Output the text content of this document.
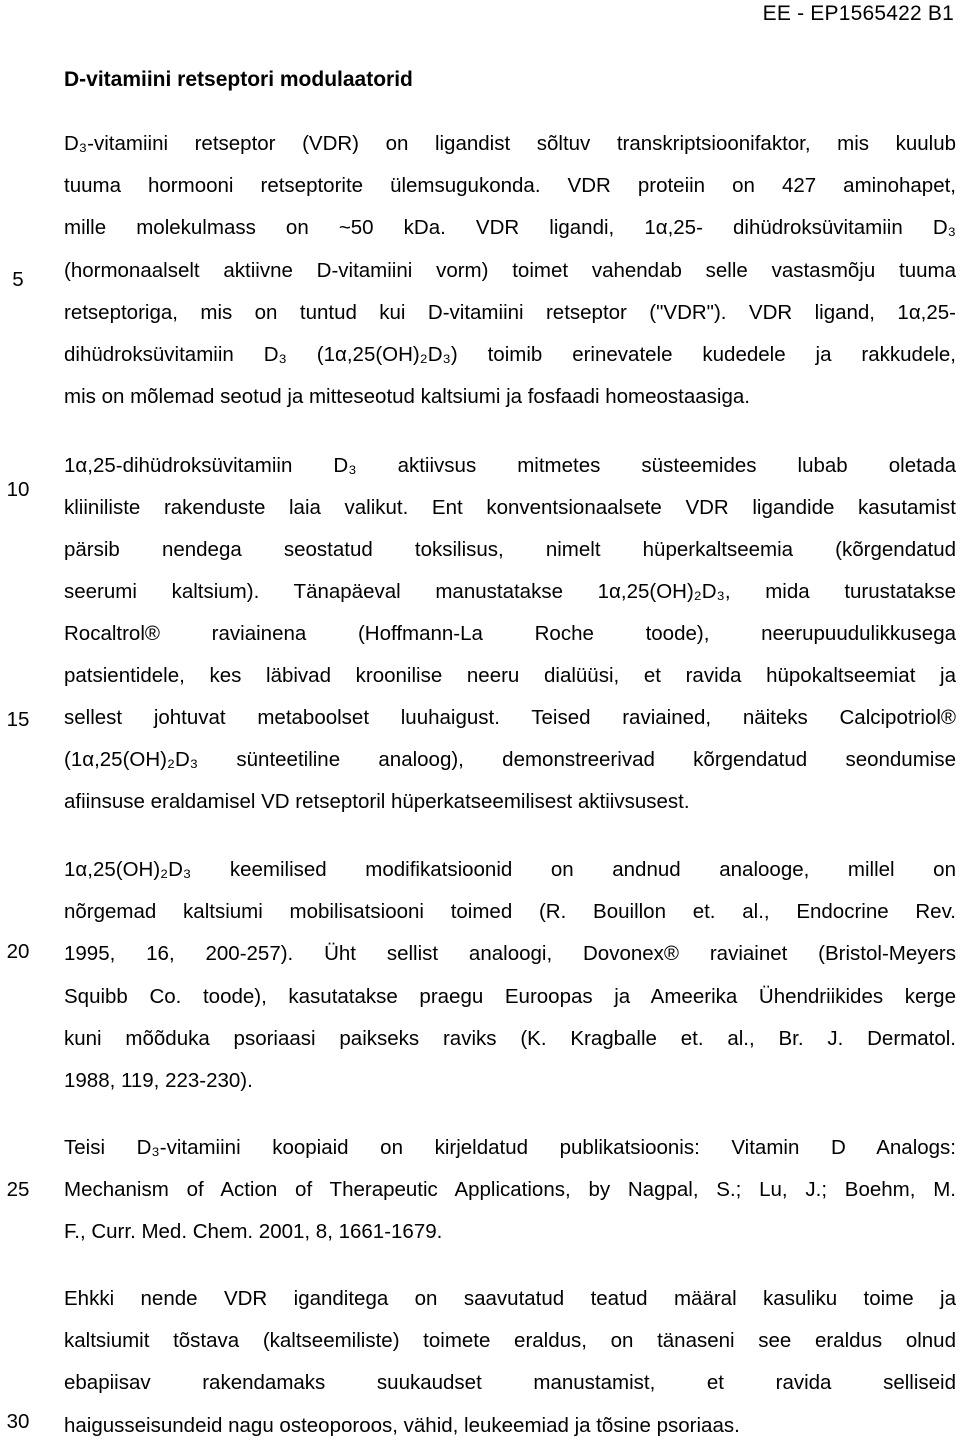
EE - EP1565422 B1
D-vitamiini retseptori modulaatorid
D₃-vitamiini retseptor (VDR) on ligandist sõltuv transkriptsioonifaktor, mis kuulub
tuuma hormooni retseptorite ülemsugukonda. VDR proteiin on 427 aminohapet,
mille molekulmass on ~50 kDa. VDR ligandi, 1α,25- dihüdroksüvitamiin D₃
(hormonaalselt aktiivne D-vitamiini vorm) toimet vahendab selle vastasmõju tuuma
retseptoriga, mis on tuntud kui D-vitamiini retseptor ("VDR"). VDR ligand, 1α,25-
dihüdroksüvitamiin D₃ (1α,25(OH)₂D₃) toimib erinevatele kudedele ja rakkudele,
mis on mõlemad seotud ja mitteseotud kaltsiumi ja fosfaadi homeostaasiga.
1α,25-dihüdroksüvitamiin D₃ aktiivsus mitmetes süsteemides lubab oletada
kliiniliste rakenduste laia valikut. Ent konventsionaalsete VDR ligandide kasutamist
pärsib nendega seostatud toksilisus, nimelt hüperkaltseemia (kõrgendatud
seerumi kaltsium). Tänapäeval manustatakse 1α,25(OH)₂D₃, mida turustatakse
Rocaltrol® raviainena (Hoffmann-La Roche toode), neerupuudulikkusega
patsientidele, kes läbivad kroonilise neeru dialüüsi, et ravida hüpokaltseemiat ja
sellest johtuvat metaboolset luuhaigust. Teised raviained, näiteks Calcipotriol®
(1α,25(OH)₂D₃ sünteetiline analoog), demonstreerivad kõrgendatud seondumise
afiinsuse eraldamisel VD retseptoril hüperkatseemilisest aktiivsusest.
1α,25(OH)₂D₃ keemilised modifikatsioonid on andnud analooge, millel on
nõrgemad kaltsiumi mobilisatsiooni toimed (R. Bouillon et. al., Endocrine Rev.
1995, 16, 200-257). Üht sellist analoogi, Dovonex® raviainet (Bristol-Meyers
Squibb Co. toode), kasutatakse praegu Euroopas ja Ameerika Ühendriikides kerge
kuni mõõduka psoriaasi paikseks raviks (K. Kragballe et. al., Br. J. Dermatol.
1988, 119, 223-230).
Teisi D₃-vitamiini koopiaid on kirjeldatud publikatsioonis: Vitamin D Analogs:
Mechanism of Action of Therapeutic Applications, by Nagpal, S.; Lu, J.; Boehm, M.
F., Curr. Med. Chem. 2001, 8, 1661-1679.
Ehkki nende VDR iganditega on saavutatud teatud määral kasuliku toime ja
kaltsiumit tõstava (kaltseemiliste) toimete eraldus, on tänaseni see eraldus olnud
ebapiisav rakendamaks suukaudset manustamist, et ravida selliseid
haigusseisundeid nagu osteoporoos, vähid, leukeemiad ja tõsine psoriaas.
5
10
15
20
25
30
